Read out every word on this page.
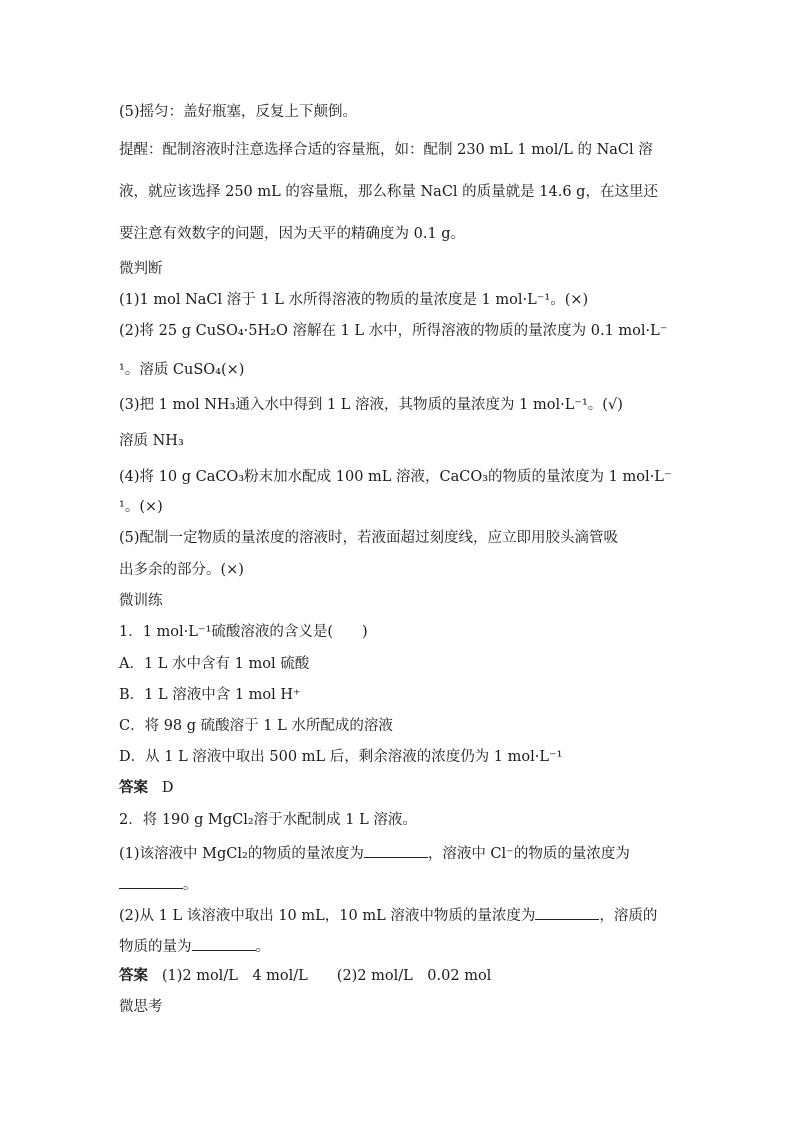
(5)摇匀：盖好瓶塞，反复上下颠倒。
提醒：配制溶液时注意选择合适的容量瓶，如：配制 230 mL 1 mol/L 的 NaCl 溶
液，就应该选择 250 mL 的容量瓶，那么称量 NaCl 的质量就是 14.6 g，在这里还
要注意有效数字的问题，因为天平的精确度为 0.1 g。
微判断
(1)1 mol NaCl 溶于 1 L 水所得溶液的物质的量浓度是 1 mol·L⁻¹。(×)
(2)将 25 g CuSO₄·5H₂O 溶解在 1 L 水中，所得溶液的物质的量浓度为 0.1 mol·L⁻
¹。溶质 CuSO₄(×)
(3)把 1 mol NH₃通入水中得到 1 L 溶液，其物质的量浓度为 1 mol·L⁻¹。(√)
溶质 NH₃
(4)将 10 g CaCO₃粉末加水配成 100 mL 溶液，CaCO₃的物质的量浓度为 1 mol·L⁻
¹。(×)
(5)配制一定物质的量浓度的溶液时，若液面超过刻度线，应立即用胶头滴管吸
出多余的部分。(×)
微训练
1．1 mol·L⁻¹硫酸溶液的含义是(　　)
A．1 L 水中含有 1 mol 硫酸
B．1 L 溶液中含 1 mol H⁺
C．将 98 g 硫酸溶于 1 L 水所配成的溶液
D．从 1 L 溶液中取出 500 mL 后，剩余溶液的浓度仍为 1 mol·L⁻¹
答案 D
2．将 190 g MgCl₂溶于水配制成 1 L 溶液。
(1)该溶液中 MgCl₂的物质的量浓度为	，溶液中 Cl⁻的物质的量浓度为
。
(2)从 1 L 该溶液中取出 10 mL，10 mL 溶液中物质的量浓度为	，溶质的
物质的量为	。
答案 (1)2 mol/L　4 mol/L　　(2)2 mol/L　0.02 mol
微思考
